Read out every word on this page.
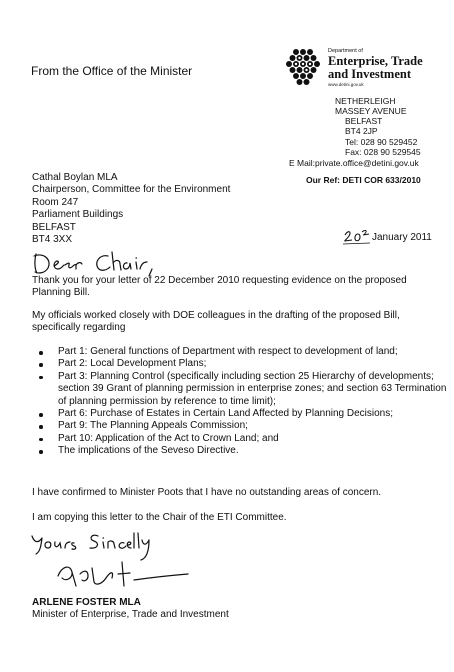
From the Office of the Minister
Department of
Enterprise, Trade
and Investment
www.detini.gov.uk
NETHERLEIGH
MASSEY AVENUE
BELFAST
BT4 2JP
Tel: 028 90 529452
Fax: 028 90 529545
E Mail:private.office@detini.gov.uk
Our Ref: DETI COR 633/2010
Cathal Boylan MLA
Chairperson, Committee for the Environment
Room 247
Parliament Buildings
BELFAST
BT4 3XX	January 2011
Thank you for your letter of 22 December 2010 requesting evidence on the proposed Planning Bill.
My officials worked closely with DOE colleagues in the drafting of the proposed Bill, specifically regarding
Part 1: General functions of Department with respect to development of land;
Part 2: Local Development Plans;
Part 3: Planning Control (specifically including section 25 Hierarchy of developments; section 39 Grant of planning permission in enterprise zones; and section 63 Termination of planning permission by reference to time limit);
Part 6: Purchase of Estates in Certain Land Affected by Planning Decisions;
Part 9: The Planning Appeals Commission;
Part 10: Application of the Act to Crown Land; and
The implications of the Seveso Directive.
I have confirmed to Minister Poots that I have no outstanding areas of concern.
I am copying this letter to the Chair of the ETI Committee.
ARLENE FOSTER MLA
Minister of Enterprise, Trade and Investment
